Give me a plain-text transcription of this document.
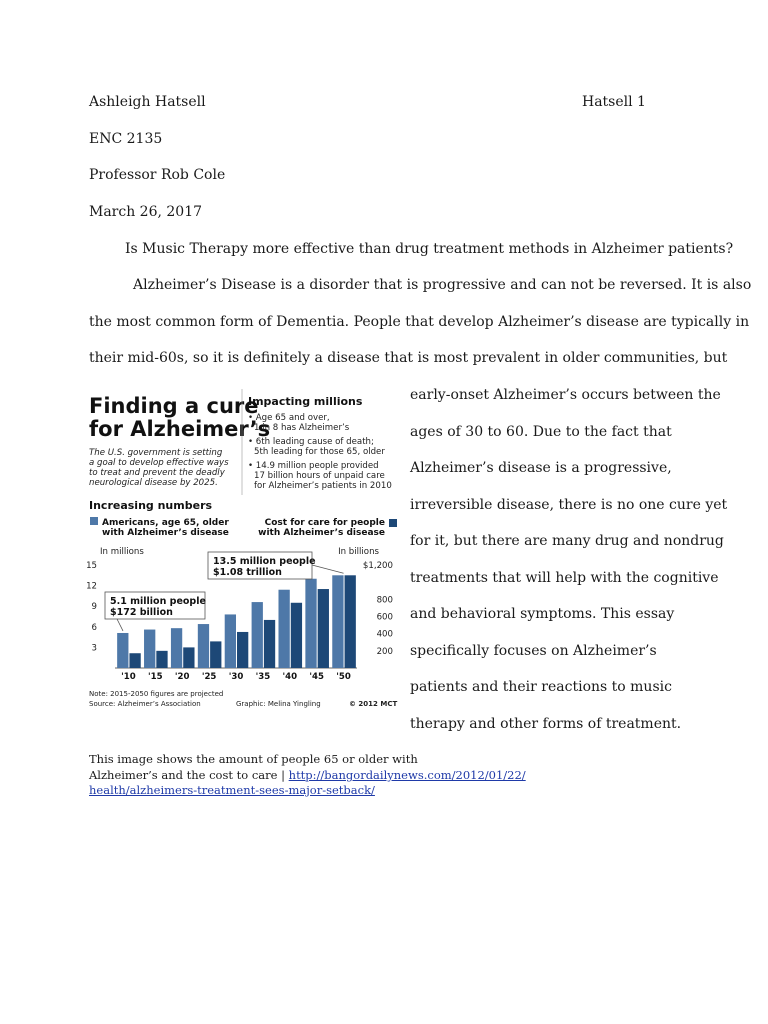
Ashleigh Hatsell	Hatsell 1
ENC 2135
Professor Rob Cole
March 26, 2017
Is Music Therapy more effective than drug treatment methods in Alzheimer patients?
Alzheimer’s Disease is a disorder that is progressive and can not be reversed. It is also
the most common form of Dementia. People that develop Alzheimer’s disease are typically in
their mid-60s, so it is definitely a disease that is most prevalent in older communities, but
early-onset Alzheimer’s occurs between the
ages of 30 to 60. Due to the fact that
Alzheimer’s disease is a progressive,
irreversible disease, there is no one cure yet
for it, but there are many drug and nondrug
treatments that will help with the cognitive
and behavioral symptoms. This essay
specifically focuses on Alzheimer’s
patients and their reactions to music
therapy and other forms of treatment.
Finding a cure
for Alzheimer’s
The U.S. government is setting
a goal to develop effective ways
to treat and prevent the deadly
neurological disease by 2025.
Impacting millions
• Age 65 and over,
1 in 8 has Alzheimer’s
• 6th leading cause of death;
5th leading for those 65, older
• 14.9 million people provided
17 billion hours of unpaid care
for Alzheimer’s patients in 2010
Increasing numbers
Americans, age 65, older
with Alzheimer’s disease
Cost for care for people
with Alzheimer’s disease
In millions	In billions
3
6
9
12
15
200
400
600
800
$1,200
'10 '15 '20 '25 '30 '35 '40 '45 '50
13.5 million people
$1.08 trillion
5.1 million people
$172 billion
Note: 2015-2050 figures are projected
Source: Alzheimer’s Association	Graphic: Melina Yingling	© 2012 MCT
This image shows the amount of people 65 or older with
Alzheimer’s and the cost to care | http://bangordailynews.com/2012/01/22/
health/alzheimers-treatment-sees-major-setback/
